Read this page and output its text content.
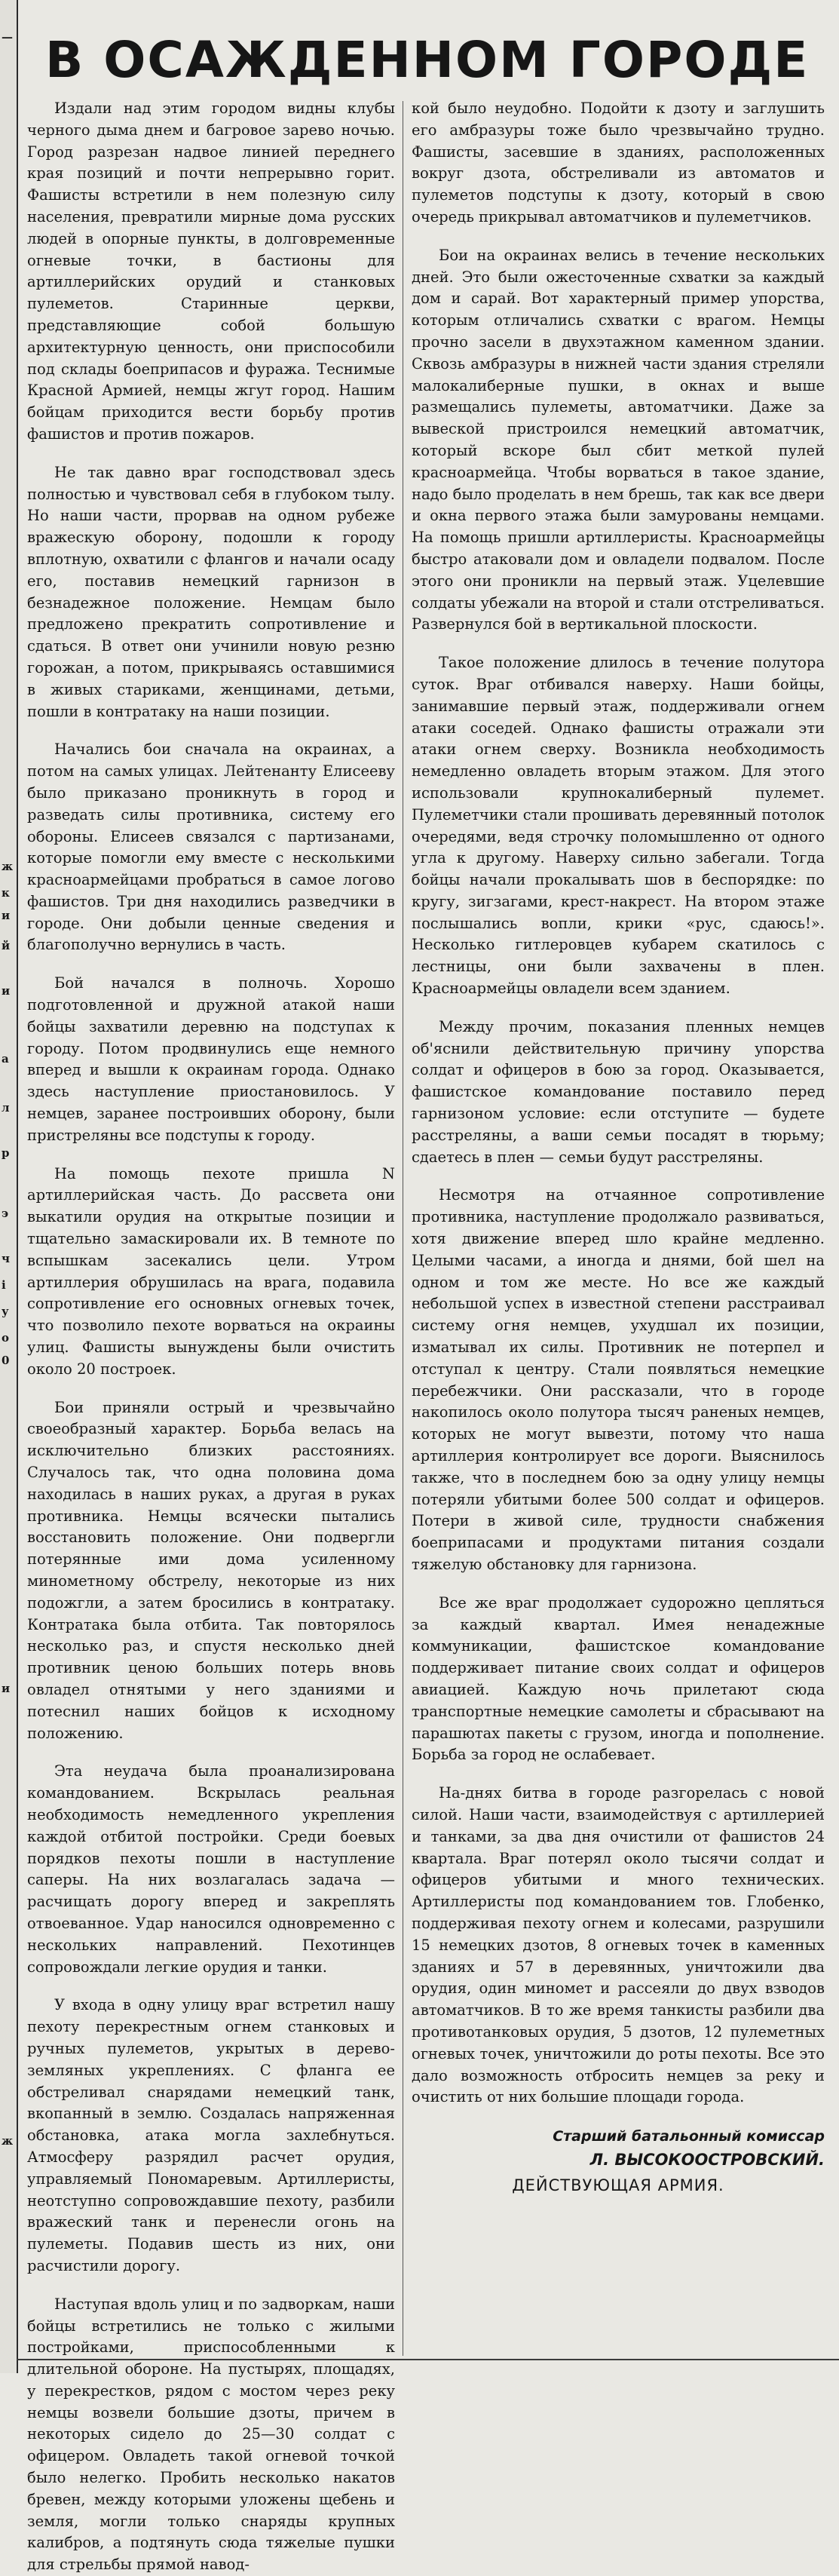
—
ж
к
и
й
и
а
л
р
э
ч
і
у
о
0
и
ж
В ОСАЖДЕННОМ ГОРОДЕ

Издали над этим городом видны клубы черного дыма днем и багровое зарево ночью. Город разрезан надвое линией переднего края позиций и почти непрерывно горит. Фашисты встретили в нем полезную силу населения, превратили мирные дома русских людей в опорные пункты, в долговременные огневые точки, в бастионы для артиллерийских орудий и станковых пулеметов. Старинные церкви, представляющие собой большую архитектурную ценность, они приспособили под склады боеприпасов и фуража. Теснимые Красной Армией, немцы жгут город. Нашим бойцам приходится вести борьбу против фашистов и против пожаров.

Не так давно враг господствовал здесь полностью и чувствовал себя в глубоком тылу. Но наши части, прорвав на одном рубеже вражескую оборону, подошли к городу вплотную, охватили с флангов и начали осаду его, поставив немецкий гарнизон в безнадежное положение. Немцам было предложено прекратить сопротивление и сдаться. В ответ они учинили новую резню горожан, а потом, прикрываясь оставшимися в живых стариками, женщинами, детьми, пошли в контратаку на наши позиции.

Начались бои сначала на окраинах, а потом на самых улицах. Лейтенанту Елисееву было приказано проникнуть в город и разведать силы противника, систему его обороны. Елисеев связался с партизанами, которые помогли ему вместе с несколькими красноармейцами пробраться в самое логово фашистов. Три дня находились разведчики в городе. Они добыли ценные сведения и благополучно вернулись в часть.

Бой начался в полночь. Хорошо подготовленной и дружной атакой наши бойцы захватили деревню на подступах к городу. Потом продвинулись еще немного вперед и вышли к окраинам города. Однако здесь наступление приостановилось. У немцев, заранее построивших оборону, были пристреляны все подступы к городу.

На помощь пехоте пришла N артиллерийская часть. До рассвета они выкатили орудия на открытые позиции и тщательно замаскировали их. В темноте по вспышкам засекались цели. Утром артиллерия обрушилась на врага, подавила сопротивление его основных огневых точек, что позволило пехоте ворваться на окраины улиц. Фашисты вынуждены были очистить около 20 построек.

Бои приняли острый и чрезвычайно своеобразный характер. Борьба велась на исключительно близких расстояниях. Случалось так, что одна половина дома находилась в наших руках, а другая в руках противника. Немцы всячески пытались восстановить положение. Они подвергли потерянные ими дома усиленному минометному обстрелу, некоторые из них подожгли, а затем бросились в контратаку. Контратака была отбита. Так повторялось несколько раз, и спустя несколько дней противник ценою больших потерь вновь овладел отнятыми у него зданиями и потеснил наших бойцов к исходному положению.

Эта неудача была проанализирована командованием. Вскрылась реальная необходимость немедленного укрепления каждой отбитой постройки. Среди боевых порядков пехоты пошли в наступление саперы. На них возлагалась задача — расчищать дорогу вперед и закреплять отвоеванное. Удар наносился одновременно с нескольких направлений. Пехотинцев сопровождали легкие орудия и танки.

У входа в одну улицу враг встретил нашу пехоту перекрестным огнем станковых и ручных пулеметов, укрытых в дерево-земляных укреплениях. С фланга ее обстреливал снарядами немецкий танк, вкопанный в землю. Создалась напряженная обстановка, атака могла захлебнуться. Атмосферу разрядил расчет орудия, управляемый Пономаревым. Артиллеристы, неотступно сопровождавшие пехоту, разбили вражеский танк и перенесли огонь на пулеметы. Подавив шесть из них, они расчистили дорогу.

Наступая вдоль улиц и по задворкам, наши бойцы встретились не только с жилыми постройками, приспособленными к длительной обороне. На пустырях, площадях, у перекрестков, рядом с мостом через реку немцы возвели большие дзоты, причем в некоторых сидело до 25—30 солдат с офицером. Овладеть такой огневой точкой было нелегко. Пробить несколько накатов бревен, между которыми уложены щебень и земля, могли только снаряды крупных калибров, а подтянуть сюда тяжелые пушки для стрельбы прямой навод-

кой было неудобно. Подойти к дзоту и заглушить его амбразуры тоже было чрезвычайно трудно. Фашисты, засевшие в зданиях, расположенных вокруг дзота, обстреливали из автоматов и пулеметов подступы к дзоту, который в свою очередь прикрывал автоматчиков и пулеметчиков.

Бои на окраинах велись в течение нескольких дней. Это были ожесточенные схватки за каждый дом и сарай. Вот характерный пример упорства, которым отличались схватки с врагом. Немцы прочно засели в двухэтажном каменном здании. Сквозь амбразуры в нижней части здания стреляли малокалиберные пушки, в окнах и выше размещались пулеметы, автоматчики. Даже за вывеской пристроился немецкий автоматчик, который вскоре был сбит меткой пулей красноармейца. Чтобы ворваться в такое здание, надо было проделать в нем брешь, так как все двери и окна первого этажа были замурованы немцами. На помощь пришли артиллеристы. Красноармейцы быстро атаковали дом и овладели подвалом. После этого они проникли на первый этаж. Уцелевшие солдаты убежали на второй и стали отстреливаться. Развернулся бой в вертикальной плоскости.

Такое положение длилось в течение полутора суток. Враг отбивался наверху. Наши бойцы, занимавшие первый этаж, поддерживали огнем атаки соседей. Однако фашисты отражали эти атаки огнем сверху. Возникла необходимость немедленно овладеть вторым этажом. Для этого использовали крупнокалиберный пулемет. Пулеметчики стали прошивать деревянный потолок очередями, ведя строчку поломышленно от одного угла к другому. Наверху сильно забегали. Тогда бойцы начали прокалывать шов в беспорядке: по кругу, зигзагами, крест-накрест. На втором этаже послышались вопли, крики «рус, сдаюсь!». Несколько гитлеровцев кубарем скатилось с лестницы, они были захвачены в плен. Красноармейцы овладели всем зданием.

Между прочим, показания пленных немцев об'яснили действительную причину упорства солдат и офицеров в бою за город. Оказывается, фашистское командование поставило перед гарнизоном условие: если отступите — будете расстреляны, а ваши семьи посадят в тюрьму; сдаетесь в плен — семьи будут расстреляны.

Несмотря на отчаянное сопротивление противника, наступление продолжало развиваться, хотя движение вперед шло крайне медленно. Целыми часами, а иногда и днями, бой шел на одном и том же месте. Но все же каждый небольшой успех в известной степени расстраивал систему огня немцев, ухудшал их позиции, изматывал их силы. Противник не потерпел и отступал к центру. Стали появляться немецкие перебежчики. Они рассказали, что в городе накопилось около полутора тысяч раненых немцев, которых не могут вывезти, потому что наша артиллерия контролирует все дороги. Выяснилось также, что в последнем бою за одну улицу немцы потеряли убитыми более 500 солдат и офицеров. Потери в живой силе, трудности снабжения боеприпасами и продуктами питания создали тяжелую обстановку для гарнизона.

Все же враг продолжает судорожно цепляться за каждый квартал. Имея ненадежные коммуникации, фашистское командование поддерживает питание своих солдат и офицеров авиацией. Каждую ночь прилетают сюда транспортные немецкие самолеты и сбрасывают на парашютах пакеты с грузом, иногда и пополнение. Борьба за город не ослабевает.

На-днях битва в городе разгорелась с новой силой. Наши части, взаимодействуя с артиллерией и танками, за два дня очистили от фашистов 24 квартала. Враг потерял около тысячи солдат и офицеров убитыми и много технических. Артиллеристы под командованием тов. Глобенко, поддерживая пехоту огнем и колесами, разрушили 15 немецких дзотов, 8 огневых точек в каменных зданиях и 57 в деревянных, уничтожили два орудия, один миномет и рассеяли до двух взводов автоматчиков. В то же время танкисты разбили два противотанковых орудия, 5 дзотов, 12 пулеметных огневых точек, уничтожили до роты пехоты. Все это дало возможность отбросить немцев за реку и очистить от них большие площади города.

Старший батальонный комиссар
Л. ВЫСОКООСТРОВСКИЙ.
ДЕЙСТВУЮЩАЯ АРМИЯ.
